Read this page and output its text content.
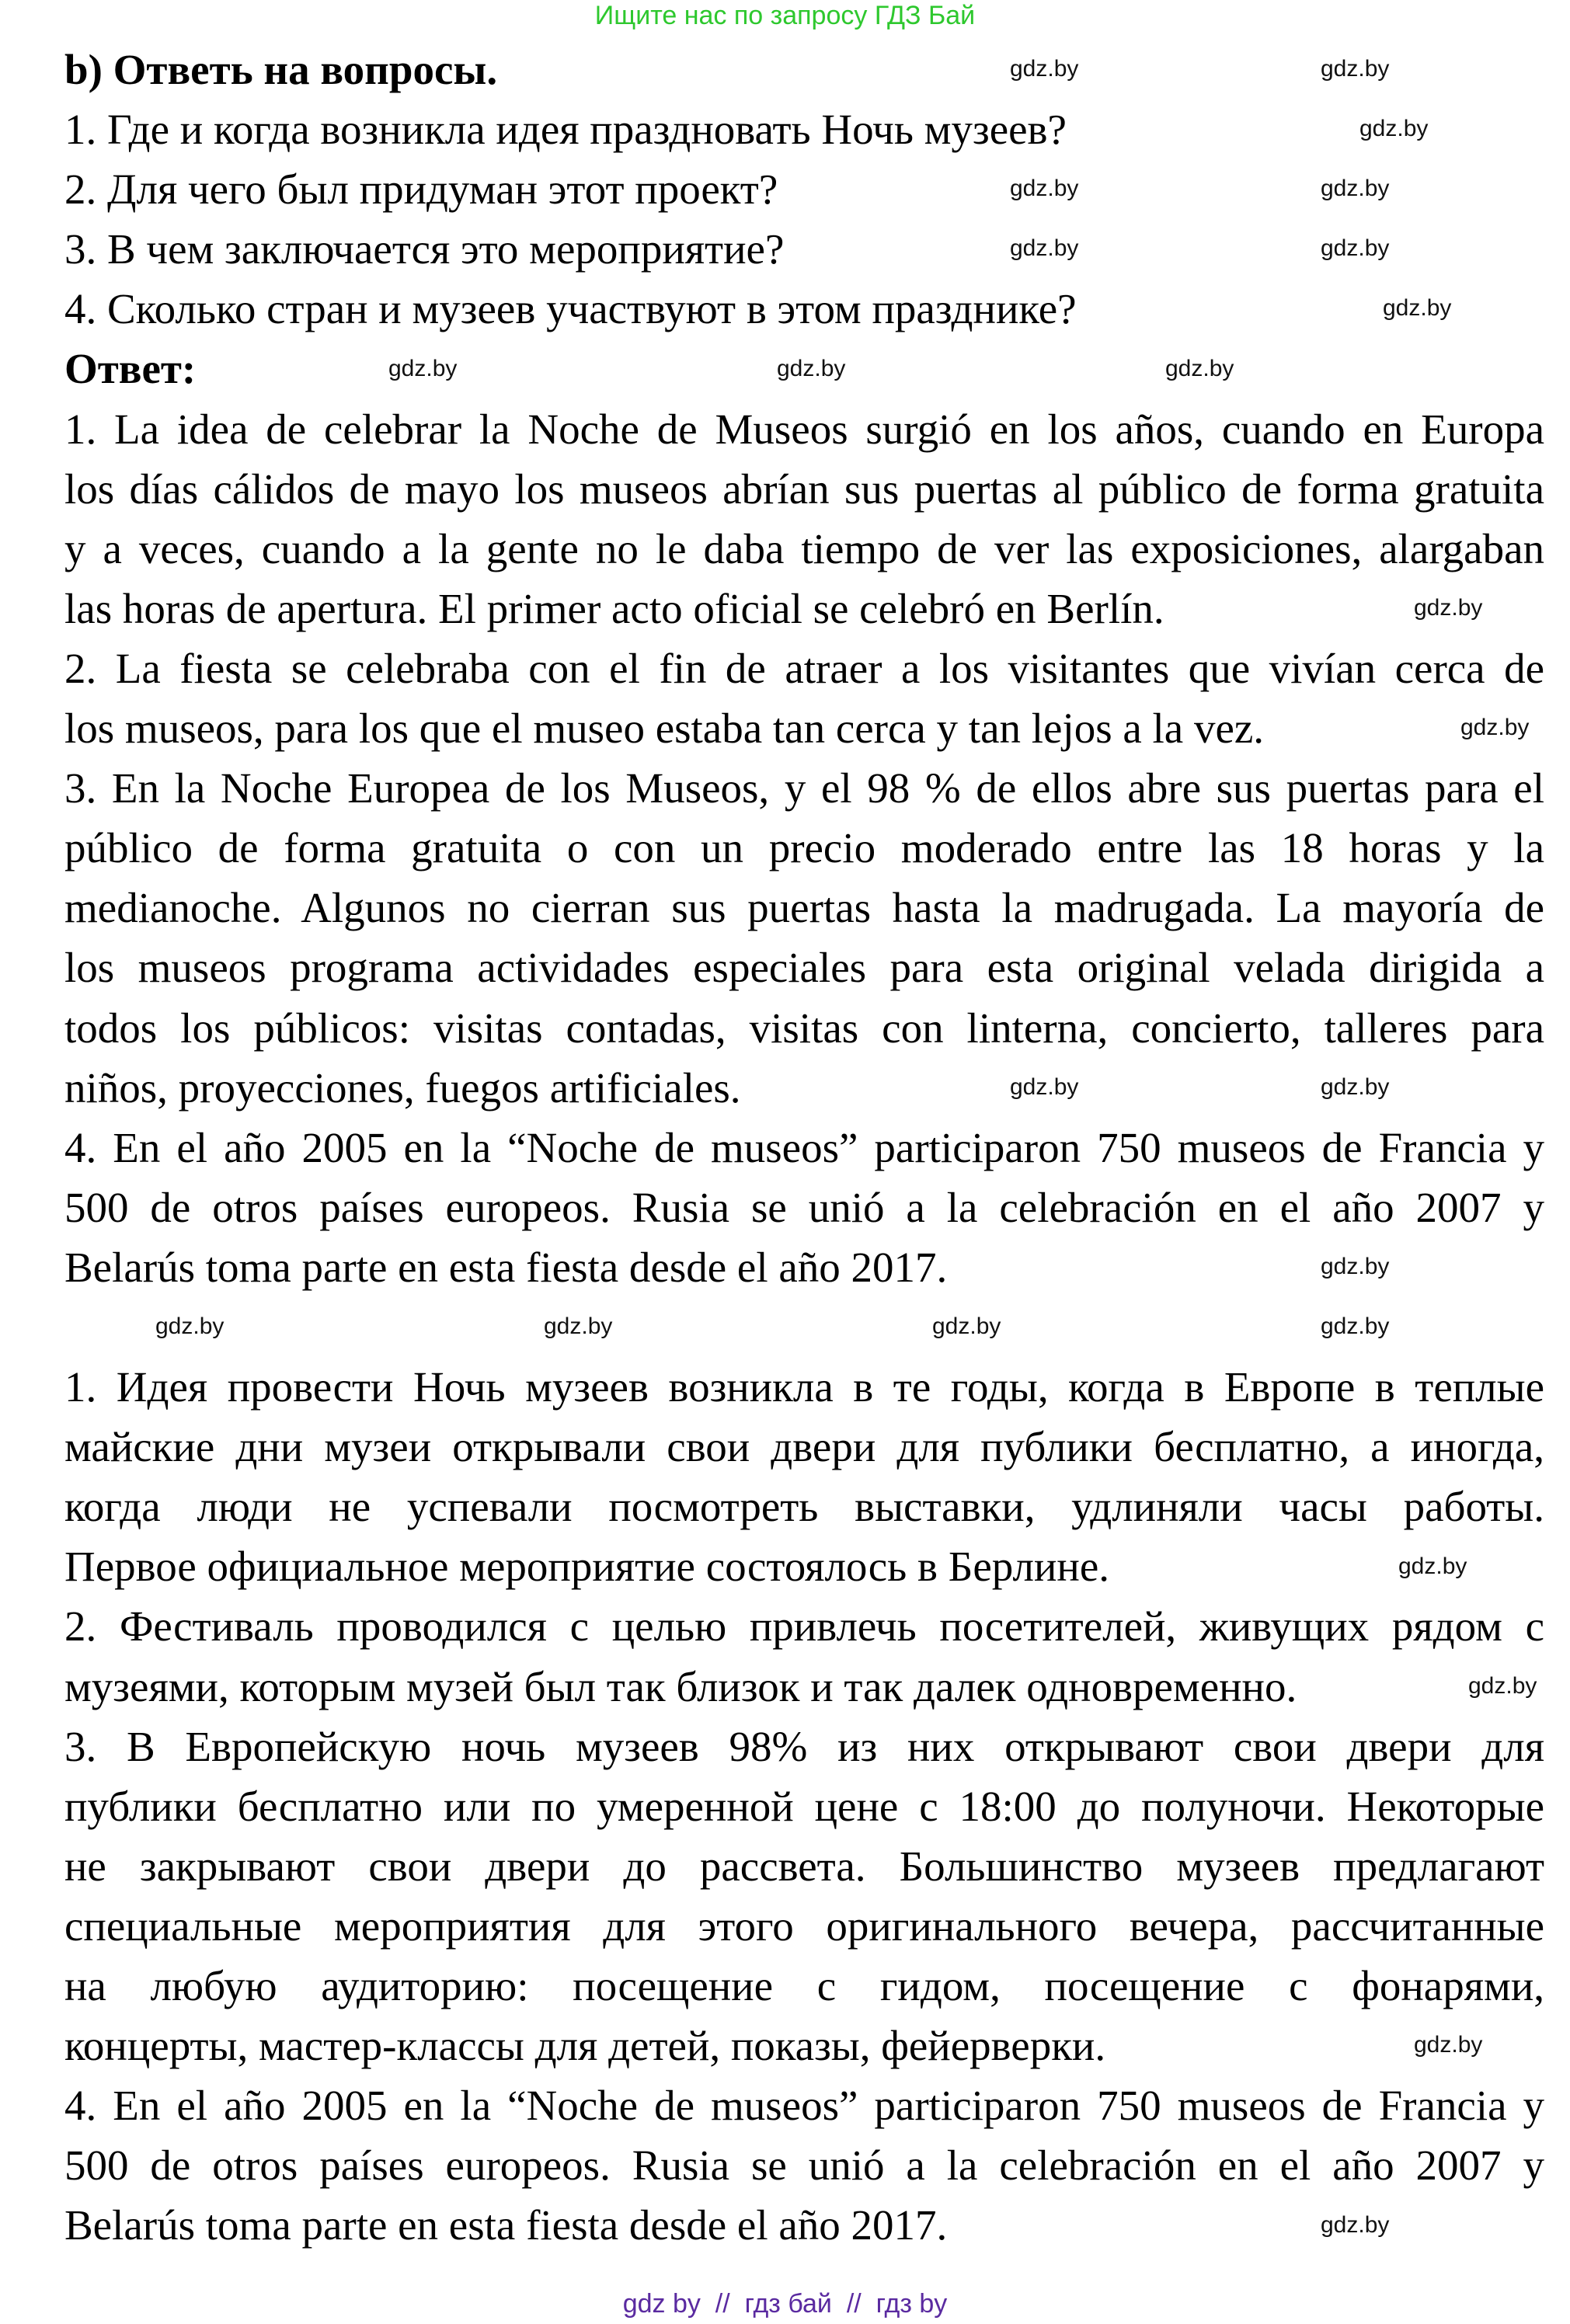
Ищите нас по запросу ГДЗ Бай
b) Ответь на вопросы.
1. Где и когда возникла идея праздновать Ночь музеев?
2. Для чего был придуман этот проект?
3. В чем заключается это мероприятие?
4. Сколько стран и музеев участвуют в этом празднике?
Ответ:
1. La idea de celebrar la Noche de Museos surgió en los años, cuando en Europa
los días cálidos de mayo los museos abrían sus puertas al público de forma gratuita
y a veces, cuando a la gente no le daba tiempo de ver las exposiciones, alargaban
las horas de apertura. El primer acto oficial se celebró en Berlín.
2. La fiesta se celebraba con el fin de atraer a los visitantes que vivían cerca de
los museos, para los que el museo estaba tan cerca y tan lejos a la vez.
3. En la Noche Europea de los Museos, y el 98 % de ellos abre sus puertas para el
público de forma gratuita o con un precio moderado entre las 18 horas y la
medianoche. Algunos no cierran sus puertas hasta la madrugada. La mayoría de
los museos programa actividades especiales para esta original velada dirigida a
todos los públicos: visitas contadas, visitas con linterna, concierto, talleres para
niños, proyecciones, fuegos artificiales.
4. En el año 2005 en la “Noche de museos” participaron 750 museos de Francia y
500 de otros países europeos. Rusia se unió a la celebración en el año 2007 y
Belarús toma parte en esta fiesta desde el año 2017.
1. Идея провести Ночь музеев возникла в те годы, когда в Европе в теплые
майские дни музеи открывали свои двери для публики бесплатно, а иногда,
когда люди не успевали посмотреть выставки, удлиняли часы работы.
Первое официальное мероприятие состоялось в Берлине.
2. Фестиваль проводился с целью привлечь посетителей, живущих рядом с
музеями, которым музей был так близок и так далек одновременно.
3. В Европейскую ночь музеев 98% из них открывают свои двери для
публики бесплатно или по умеренной цене с 18:00 до полуночи. Некоторые
не закрывают свои двери до рассвета. Большинство музеев предлагают
специальные мероприятия для этого оригинального вечера, рассчитанные
на любую аудиторию: посещение с гидом, посещение с фонарями,
концерты, мастер-классы для детей, показы, фейерверки.
4. En el año 2005 en la “Noche de museos” participaron 750 museos de Francia y
500 de otros países europeos. Rusia se unió a la celebración en el año 2007 y
Belarús toma parte en esta fiesta desde el año 2017.
gdz by  //  гдз бай  //  гдз by
gdz.by	gdz.by
gdz.by
gdz.by	gdz.by
gdz.by	gdz.by
gdz.by
gdz.by	gdz.by	gdz.by
gdz.by
gdz.by
gdz.by	gdz.by
gdz.by
gdz.by	gdz.by	gdz.by	gdz.by
gdz.by
gdz.by
gdz.by
gdz.by
